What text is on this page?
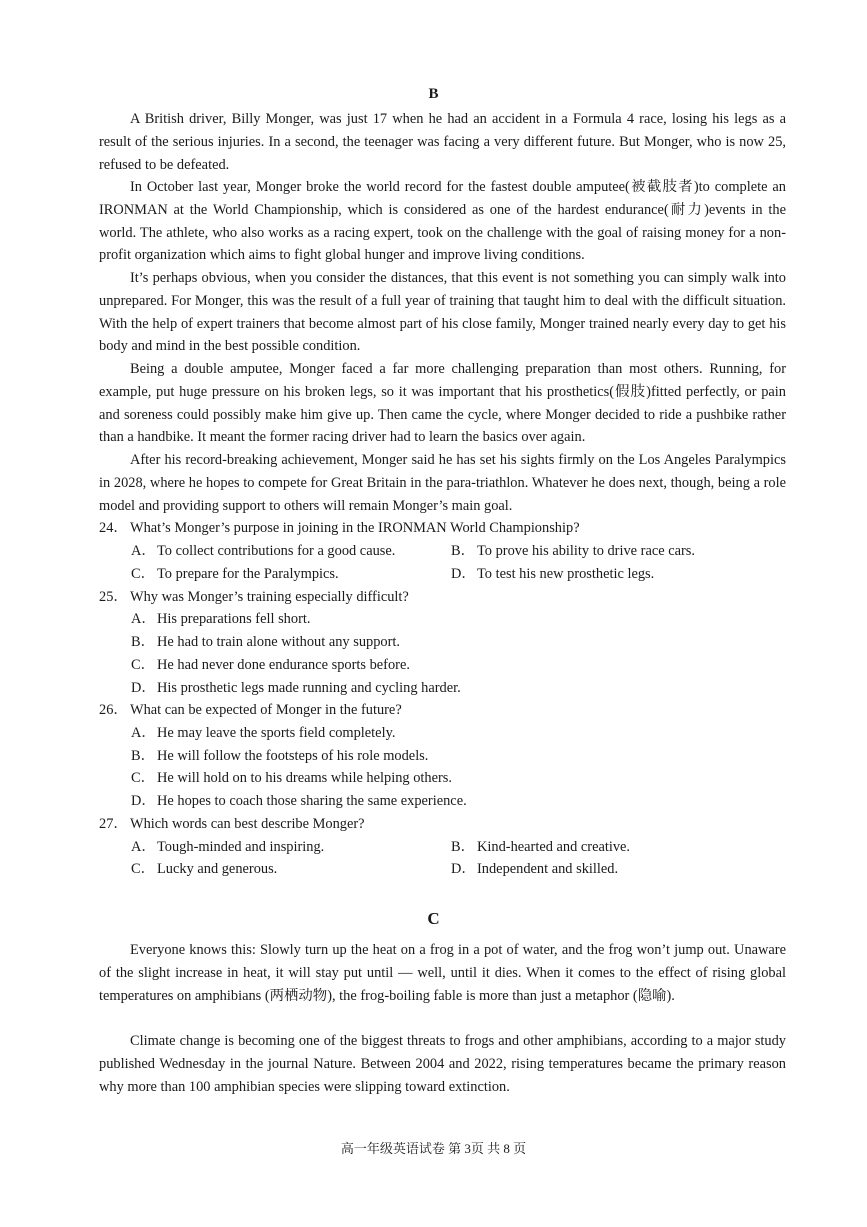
B

A British driver, Billy Monger, was just 17 when he had an accident in a Formula 4 race, losing his legs as a result of the serious injuries. In a second, the teenager was facing a very different future. But Monger, who is now 25, refused to be defeated.

In October last year, Monger broke the world record for the fastest double amputee(被截肢者)to complete an IRONMAN at the World Championship, which is considered as one of the hardest endurance(耐力)events in the world. The athlete, who also works as a racing expert, took on the challenge with the goal of raising money for a non-profit organization which aims to fight global hunger and improve living conditions.

It’s perhaps obvious, when you consider the distances, that this event is not something you can simply walk into unprepared. For Monger, this was the result of a full year of training that taught him to deal with the difficult situation. With the help of expert trainers that become almost part of his close family, Monger trained nearly every day to get his body and mind in the best possible condition.

Being a double amputee, Monger faced a far more challenging preparation than most others. Running, for example, put huge pressure on his broken legs, so it was important that his prosthetics(假肢)fitted perfectly, or pain and soreness could possibly make him give up. Then came the cycle, where Monger decided to ride a pushbike rather than a handbike. It meant the former racing driver had to learn the basics over again.

After his record-breaking achievement, Monger said he has set his sights firmly on the Los Angeles Paralympics in 2028, where he hopes to compete for Great Britain in the para-triathlon. Whatever he does next, though, being a role model and providing support to others will remain Monger’s main goal.

24． What’s Monger’s purpose in joining in the IRONMAN World Championship?
A．To collect contributions for a good cause.	B． To prove his ability to drive race cars.
C． To prepare for the Paralympics.	D．To test his new prosthetic legs.
25． Why was Monger’s training especially difficult?
A．His preparations fell short.
B． He had to train alone without any support.
C． He had never done endurance sports before.
D．His prosthetic legs made running and cycling harder.
26． What can be expected of Monger in the future?
A．He may leave the sports field completely.
B． He will follow the footsteps of his role models.
C． He will hold on to his dreams while helping others.
D．He hopes to coach those sharing the same experience.
27． Which words can best describe Monger?
A．Tough-minded and inspiring.	B． Kind-hearted and creative.
C． Lucky and generous.	D．Independent and skilled.
C

Everyone knows this: Slowly turn up the heat on a frog in a pot of water, and the frog won’t jump out. Unaware of the slight increase in heat, it will stay put until — well, until it dies. When it comes to the effect of rising global temperatures on amphibians (两栖动物), the frog-boiling fable is more than just a metaphor (隐喻).

Climate change is becoming one of the biggest threats to frogs and other amphibians, according to a major study published Wednesday in the journal Nature. Between 2004 and 2022, rising temperatures became the primary reason why more than 100 amphibian species were slipping toward extinction.

高一年级英语试卷 第 3页 共 8 页
